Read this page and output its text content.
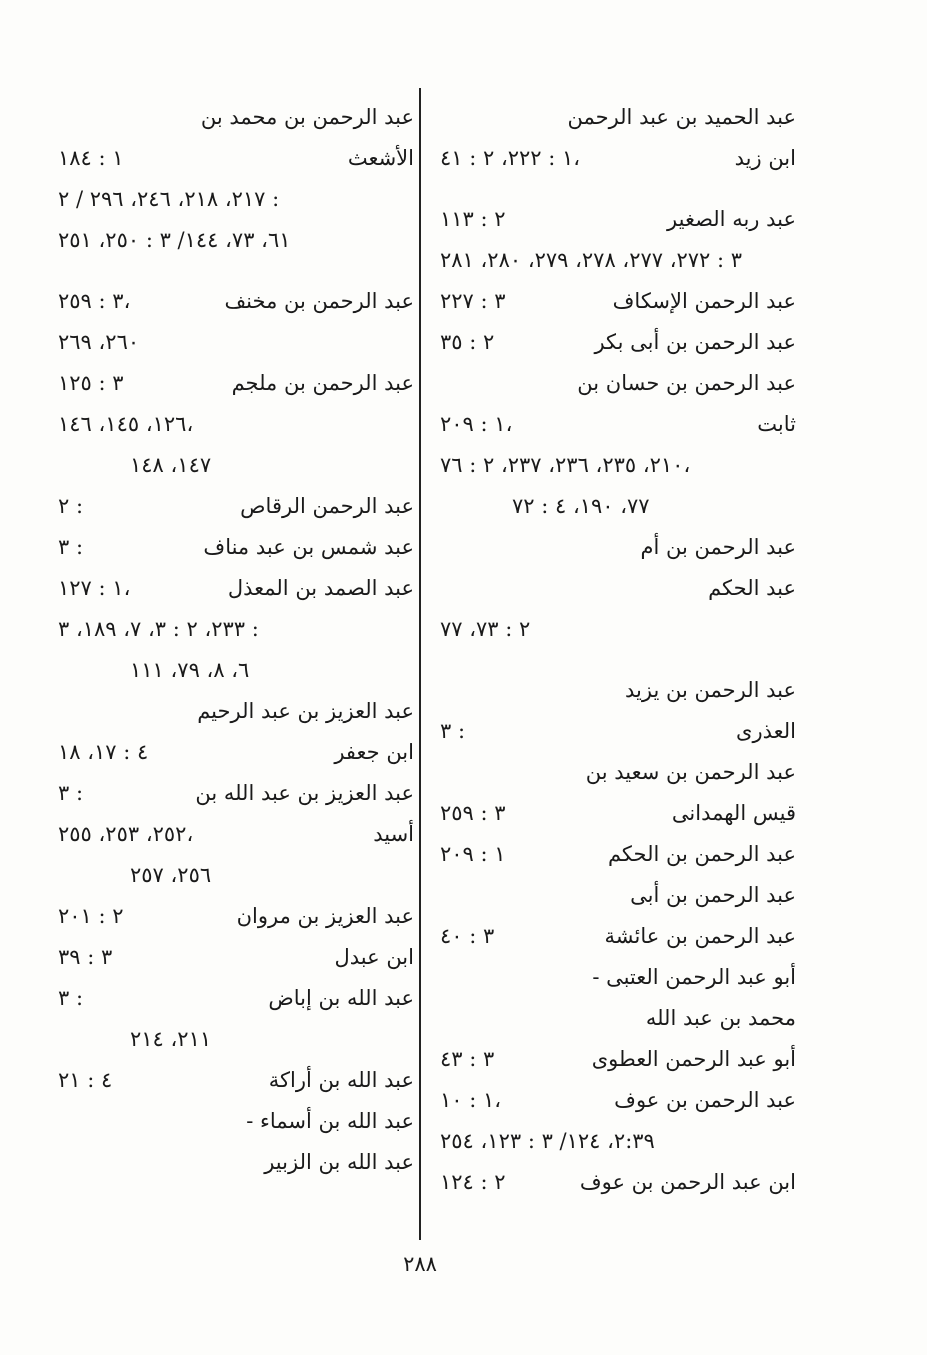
عبد الحميد بن عبد الرحمن
ابن زيد
١ : ٢٢٢، ٢ : ٤١،
عبد ربه الصغير
٢ : ١١٣
٣ : ٢٧٢، ٢٧٧، ٢٧٨، ٢٧٩، ٢٨٠، ٢٨١
عبد الرحمن الإسكاف
٣ : ٢٢٧
عبد الرحمن بن أبى بكر
٢ : ٣٥
عبد الرحمن بن حسان بن
ثابت
١ : ٢٠٩،
٢١٠، ٢٣٥، ٢٣٦، ٢٣٧، ٢ : ٧٦،
٧٧، ١٩٠، ٤ : ٧٢
عبد الرحمن بن أم
عبد الحكم
٢ : ٧٣، ٧٧
عبد الرحمن بن يزيد
العذرى
٣ :
عبد الرحمن بن سعيد بن
قيس الهمدانى
٣ : ٢٥٩
عبد الرحمن بن الحكم
١ : ٢٠٩
عبد الرحمن بن أبى
عبد الرحمن بن عائشة
٣ : ٤٠
أبو عبد الرحمن العتبى -
محمد بن عبد الله
أبو عبد الرحمن العطوى
٣ : ٤٣
عبد الرحمن بن عوف
١ : ١٠،
٢:٣٩، ١٢٤/ ٣ : ١٢٣، ٢٥٤
ابن عبد الرحمن بن عوف
٢ : ١٢٤
عبد الرحمن بن محمد بن
الأشعث
١ : ١٨٤
٢١٧، ٢١٨، ٢٤٦، ٢٩٦ / ٢ :
٦١، ٧٣، ١٤٤/ ٣ : ٢٥٠، ٢٥١
عبد الرحمن بن مخنف
٣ : ٢٥٩،
٢٦٠، ٢٦٩
عبد الرحمن بن ملجم
٣ : ١٢٥
١٢٦، ١٤٥، ١٤٦،
١٤٧، ١٤٨
عبد الرحمن الرقاص
٢ :
عبد شمس بن عبد مناف
٣ :
عبد الصمد بن المعذل
١ : ١٢٧،
٢٣٣، ٢ : ٣، ٧، ١٨٩، ٣ :
٦، ٨، ٧٩، ١١١
عبد العزيز بن عبد الرحيم
ابن جعفر
٤ : ١٧، ١٨
عبد العزيز بن عبد الله بن
٣ :
أسيد
٢٥٢، ٢٥٣، ٢٥٥،
٢٥٦، ٢٥٧
عبد العزيز بن مروان
٢ : ٢٠١
ابن عبدل
٣ : ٣٩
عبد الله بن إباض
٣ :
٢١١، ٢١٤
عبد الله بن أراكة
٤ : ٢١
عبد الله بن أسماء -
عبد الله بن الزبير
٢٨٨
